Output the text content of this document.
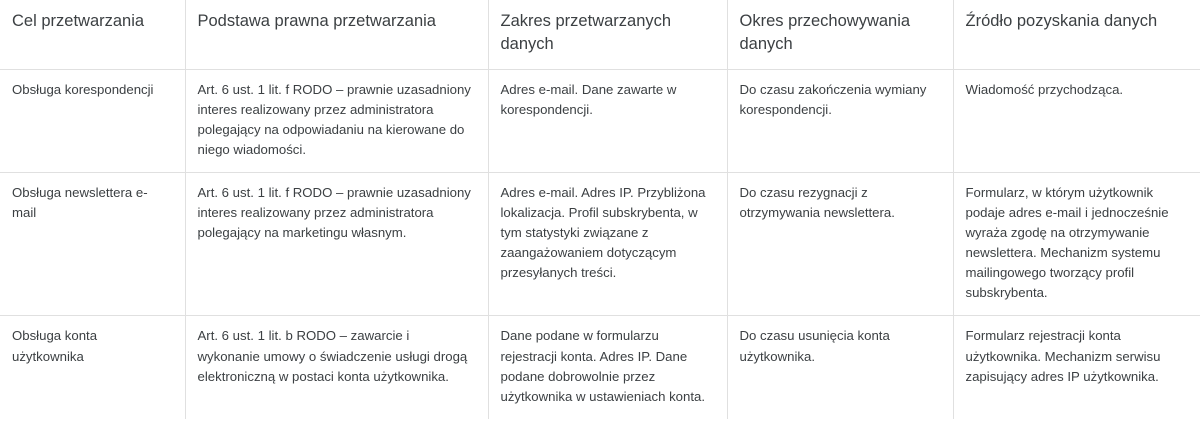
Cel przetwarzania	Podstawa prawna przetwarzania	Zakres przetwarzanych danych	Okres przechowywania danych	Źródło pozyskania danych
Obsługa korespondencji	Art. 6 ust. 1 lit. f RODO – prawnie uzasadniony interes realizowany przez administratora polegający na odpowiadaniu na kierowane do niego wiadomości.	Adres e-mail. Dane zawarte w korespondencji.	Do czasu zakończenia wymiany korespondencji.	Wiadomość przychodząca.
Obsługa newslettera e-mail	Art. 6 ust. 1 lit. f RODO – prawnie uzasadniony interes realizowany przez administratora polegający na marketingu własnym.	Adres e-mail. Adres IP. Przybliżona lokalizacja. Profil subskrybenta, w tym statystyki związane z zaangażowaniem dotyczącym przesyłanych treści.	Do czasu rezygnacji z otrzymywania newslettera.	Formularz, w którym użytkownik podaje adres e-mail i jednocześnie wyraża zgodę na otrzymywanie newslettera. Mechanizm systemu mailingowego tworzący profil subskrybenta.
Obsługa konta użytkownika	Art. 6 ust. 1 lit. b RODO – zawarcie i wykonanie umowy o świadczenie usługi drogą elektroniczną w postaci konta użytkownika.	Dane podane w formularzu rejestracji konta. Adres IP. Dane podane dobrowolnie przez użytkownika w ustawieniach konta.	Do czasu usunięcia konta użytkownika.	Formularz rejestracji konta użytkownika. Mechanizm serwisu zapisujący adres IP użytkownika.
